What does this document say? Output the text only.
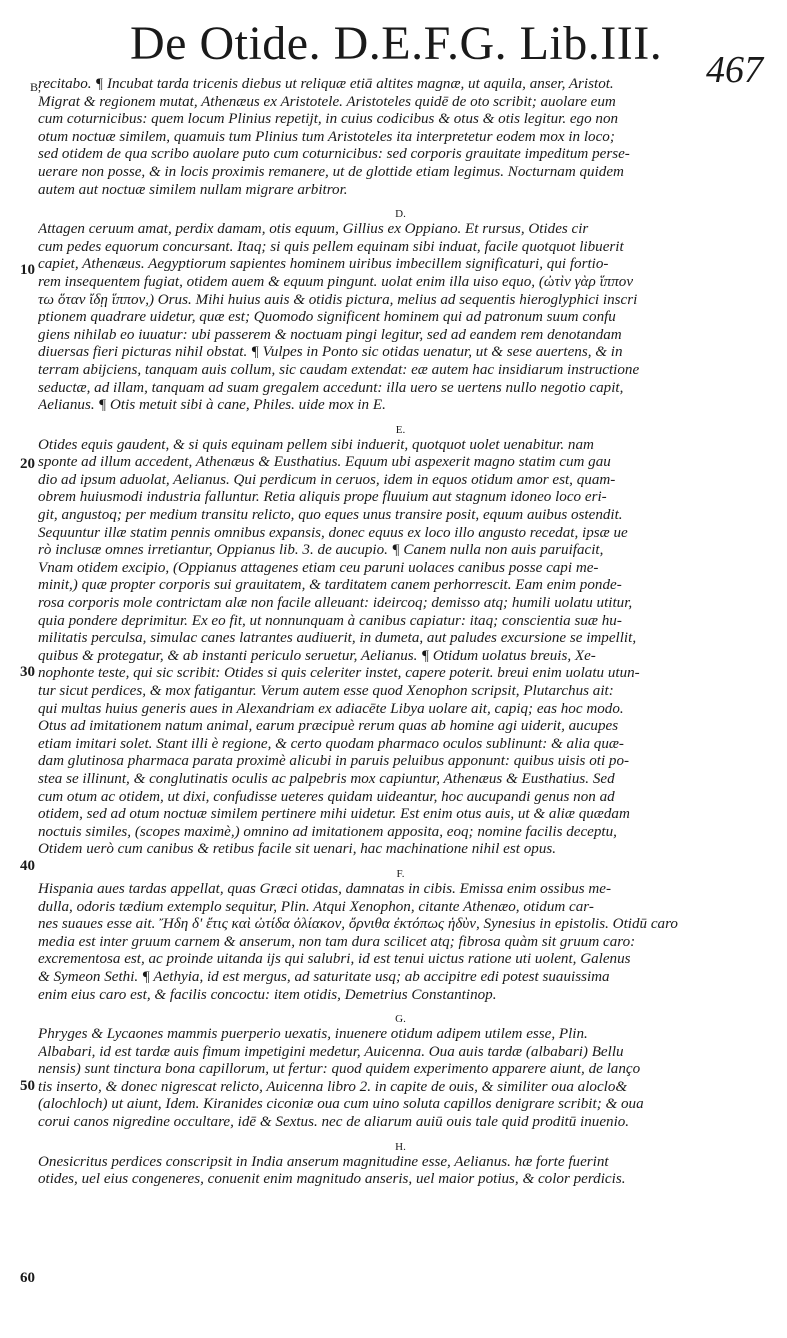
De Otide. D.E.F.G. Lib.III.	467
B,
10
20
30
40
50
60
recitabo. ¶ Incubat tarda tricenis diebus ut reliquæ etiā altites magnæ, ut aquila, anser, Aristot.
Migrat & regionem mutat, Athenæus ex Aristotele. Aristoteles quidē de oto scribit; auolare eum
cum coturnicibus: quem locum Plinius repetijt, in cuius codicibus & otus & otis legitur. ego non
otum noctuæ similem, quamuis tum Plinius tum Aristoteles ita interpretetur eodem mox in loco;
sed otidem de qua scribo auolare puto cum coturnicibus: sed corporis grauitate impeditum perse-
uerare non posse, & in locis proximis remanere, ut de glottide etiam legimus. Nocturnam quidem
autem aut noctuæ similem nullam migrare arbitror.
D.
Attagen ceruum amat, perdix damam, otis equum, Gillius ex Oppiano. Et rursus, Otides cir
cum pedes equorum concursant. Itaq; si quis pellem equinam sibi induat, facile quotquot libuerit
capiet, Athenæus. Aegyptiorum sapientes hominem uiribus imbecillem significaturi, qui fortio-
rem insequentem fugiat, otidem auem & equum pingunt. uolat enim illa uiso equo, (ὠτὶν γὰρ ἵππον
τω ὅταν ἴδῃ ἵππον,) Orus. Mihi huius auis & otidis pictura, melius ad sequentis hieroglyphici inscri
ptionem quadrare uidetur, quæ est; Quomodo significent hominem qui ad patronum suum confu
giens nihilab eo iuuatur: ubi passerem & noctuam pingi legitur, sed ad eandem rem denotandam
diuersas fieri picturas nihil obstat. ¶ Vulpes in Ponto sic otidas uenatur, ut & sese auertens, & in
terram abijciens, tanquam auis collum, sic caudam extendat: eæ autem hac insidiarum instructione
seductæ, ad illam, tanquam ad suam gregalem accedunt: illa uero se uertens nullo negotio capit,
Aelianus. ¶ Otis metuit sibi à cane, Philes. uide mox in E.
E.
Otides equis gaudent, & si quis equinam pellem sibi induerit, quotquot uolet uenabitur. nam
sponte ad illum accedent, Athenæus & Eusthatius. Equum ubi aspexerit magno statim cum gau
dio ad ipsum aduolat, Aelianus. Qui perdicum in ceruos, idem in equos otidum amor est, quam-
obrem huiusmodi industria falluntur. Retia aliquis prope fluuium aut stagnum idoneo loco eri-
git, angustoq; per medium transitu relicto, quo eques unus transire posit, equum auibus ostendit.
Sequuntur illæ statim pennis omnibus expansis, donec equus ex loco illo angusto recedat, ipsæ ue
rò inclusæ omnes irretiantur, Oppianus lib. 3. de aucupio. ¶ Canem nulla non auis paruifacit,
Vnam otidem excipio, (Oppianus attagenes etiam ceu paruni uolaces canibus posse capi me-
minit,) quæ propter corporis sui grauitatem, & tarditatem canem perhorrescit. Eam enim ponde-
rosa corporis mole contrictam alæ non facile alleuant: ideircoq; demisso atq; humili uolatu utitur,
quia pondere deprimitur. Ex eo fit, ut nonnunquam à canibus capiatur: itaq; conscientia suæ hu-
militatis perculsa, simulac canes latrantes audiuerit, in dumeta, aut paludes excursione se impellit,
quibus & protegatur, & ab instanti periculo seruetur, Aelianus. ¶ Otidum uolatus breuis, Xe-
nophonte teste, qui sic scribit: Otides si quis celeriter instet, capere poterit. breui enim uolatu utun-
tur sicut perdices, & mox fatigantur. Verum autem esse quod Xenophon scripsit, Plutarchus ait:
qui multas huius generis aues in Alexandriam ex adiacēte Libya uolare ait, capiq; eas hoc modo.
Otus ad imitationem natum animal, earum præcipuè rerum quas ab homine agi uiderit, aucupes
etiam imitari solet. Stant illi è regione, & certo quodam pharmaco oculos sublinunt: & alia quæ-
dam glutinosa pharmaca parata proximè alicubi in paruis peluibus apponunt: quibus uisis oti po-
stea se illinunt, & conglutinatis oculis ac palpebris mox capiuntur, Athenæus & Eusthatius. Sed
cum otum ac otidem, ut dixi, confudisse ueteres quidam uideantur, hoc aucupandi genus non ad
otidem, sed ad otum noctuæ similem pertinere mihi uidetur. Est enim otus auis, ut & aliæ quædam
noctuis similes, (scopes maximè,) omnino ad imitationem apposita, eoq; nomine facilis deceptu,
Otidem uerò cum canibus & retibus facile sit uenari, hac machinatione nihil est opus.
F.
Hispania aues tardas appellat, quas Græci otidas, damnatas in cibis. Emissa enim ossibus me-
dulla, odoris tædium extemplo sequitur, Plin. Atqui Xenophon, citante Athenæo, otidum car-
nes suaues esse ait. Ἤδη δ' ἔτις καὶ ὠτίδα ὀλίακον, ὄρνιθα ἐκτόπως ἡδὺν, Synesius in epistolis. Otidū caro
media est inter gruum carnem & anserum, non tam dura scilicet atq; fibrosa quàm sit gruum caro:
excrementosa est, ac proinde uitanda ijs qui salubri, id est tenui uictus ratione uti uolent, Galenus
& Symeon Sethi. ¶ Aethyia, id est mergus, ad saturitate usq; ab accipitre edi potest suauissima
enim eius caro est, & facilis concoctu: item otidis, Demetrius Constantinop.
G.
Phryges & Lycaones mammis puerperio uexatis, inuenere otidum adipem utilem esse, Plin.
Albabari, id est tardæ auis fimum impetigini medetur, Auicenna. Oua auis tardæ (albabari) Bellu
nensis) sunt tinctura bona capillorum, ut fertur: quod quidem experimento apparere aiunt, de lanço
tis inserto, & donec nigrescat relicto, Auicenna libro 2. in capite de ouis, & similiter oua aloclo&
(alochloch) ut aiunt, Idem. Kiranides ciconiæ oua cum uino soluta capillos denigrare scribit; & oua
corui canos nigredine occultare, idē & Sextus. nec de aliarum auiū ouis tale quid proditū inuenio.
H.
Onesicritus perdices conscripsit in India anserum magnitudine esse, Aelianus. hæ forte fuerint
otides, uel eius congeneres, conuenit enim magnitudo anseris, uel maior potius, & color perdicis.
